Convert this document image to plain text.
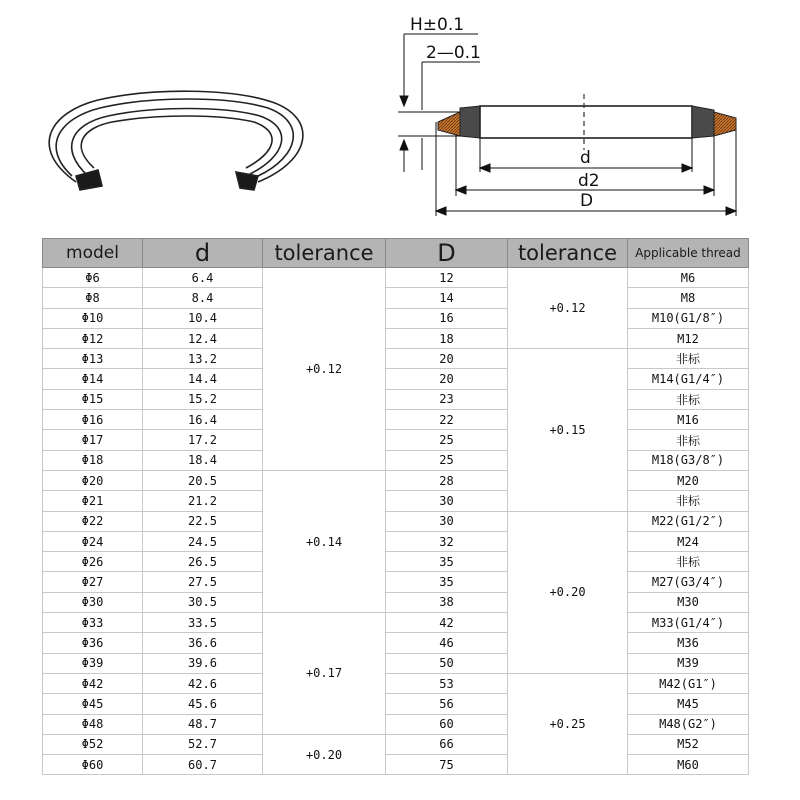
H±0.1
2—0.1
d
d2
D
model	d	tolerance	D	tolerance	Applicable thread
Φ6	6.4	+0.12	12	+0.12	M6
Φ8	8.4		14		M8
Φ10	10.4		16		M10(G1/8″)
Φ12	12.4		18		M12
Φ13	13.2		20	+0.15	非标
Φ14	14.4		20		M14(G1/4″)
Φ15	15.2		23		非标
Φ16	16.4		22		M16
Φ17	17.2		25		非标
Φ18	18.4		25		M18(G3/8″)
Φ20	20.5	+0.14	28		M20
Φ21	21.2		30		非标
Φ22	22.5		30	+0.20	M22(G1/2″)
Φ24	24.5		32		M24
Φ26	26.5		35		非标
Φ27	27.5		35		M27(G3/4″)
Φ30	30.5		38		M30
Φ33	33.5	+0.17	42		M33(G1/4″)
Φ36	36.6		46		M36
Φ39	39.6		50		M39
Φ42	42.6		53	+0.25	M42(G1″)
Φ45	45.6		56		M45
Φ48	48.7		60		M48(G2″)
Φ52	52.7	+0.20	66		M52
Φ60	60.7		75		M60
